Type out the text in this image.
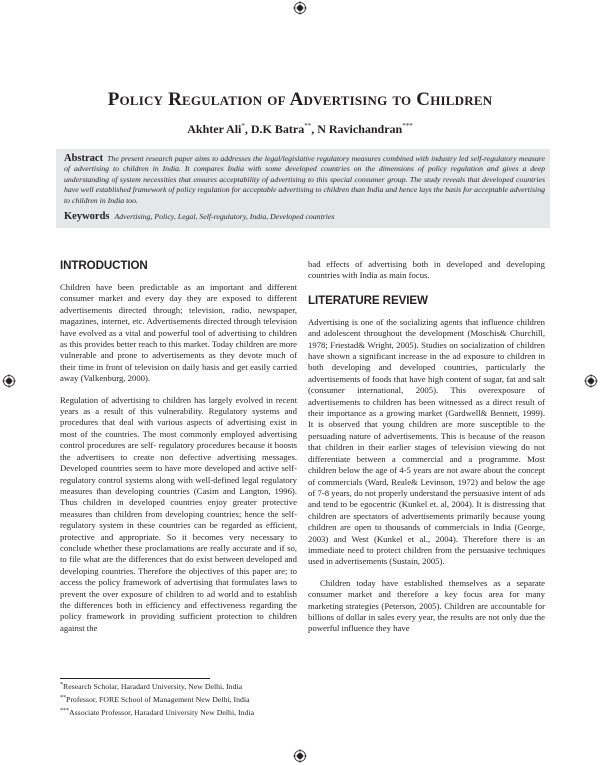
Policy Regulation of Advertising to Children

Akhter Ali*, D.K Batra**, N Ravichandran***

Abstract The present research paper aims to addresses the legal/legislative regulatory measures combined with industry led self-regulatory measure of advertising to children in India. It compares India with some developed countries on the dimensions of policy regulation and gives a deep understanding of system necessities that ensures acceptability of advertising to this special consumer group. The study reveals that developed countries have well established framework of policy regulation for acceptable advertising to children than India and hence lays the basis for acceptable advertising to children in India too.

Keywords Advertising, Policy, Legal, Self-regulatory, India, Developed countries

INTRODUCTION

Children have been predictable as an important and different consumer market and every day they are exposed to different advertisements directed through; television, radio, newspaper, magazines, internet, etc. Advertisements directed through television have evolved as a vital and powerful tool of advertising to children as this provides better reach to this market. Today children are more vulnerable and prone to advertisements as they devote much of their time in front of television on daily basis and get easily carried away (Valkenburg, 2000).

Regulation of advertising to children has largely evolved in recent years as a result of this vulnerability. Regulatory systems and procedures that deal with various aspects of advertising exist in most of the countries. The most commonly employed advertising control procedures are self- regulatory procedures because it boosts the advertisers to create non defective advertising messages. Developed countries seem to have more developed and active self-regulatory control systems along with well-defined legal regulatory measures than developing countries (Casim and Langton, 1996). Thus children in developed countries enjoy greater protective measures than children from developing countries; hence the self- regulatory system in these countries can be regarded as efficient, protective and appropriate. So it becomes very necessary to conclude whether these proclamations are really accurate and if so, to file what are the differences that do exist between developed and developing countries. Therefore the objectives of this paper are; to access the policy framework of advertising that formulates laws to prevent the over exposure of children to ad world and to establish the differences both in efficiency and effectiveness regarding the policy framework in providing sufficient protection to children against the

bad effects of advertising both in developed and developing countries with India as main focus.

LITERATURE REVIEW

Advertising is one of the socializing agents that influence children and adolescent throughout the development (Moschis& Churchill, 1978; Friestad& Wright, 2005). Studies on socialization of children have shown a significant increase in the ad exposure to children in both developing and developed countries, particularly the advertisements of foods that have high content of sugar, fat and salt (consumer international, 2005). This overexposure of advertisements to children has been witnessed as a direct result of their importance as a growing market (Gardwell& Bennett, 1999). It is observed that young children are more susceptible to the persuading nature of advertisements. This is because of the reason that children in their earlier stages of television viewing do not differentiate between a commercial and a programme. Most children below the age of 4-5 years are not aware about the concept of commercials (Ward, Reale& Levinson, 1972) and below the age of 7-8 years, do not properly understand the persuasive intent of ads and tend to be egocentric (Kunkel et. al, 2004). It is distressing that children are spectators of advertisements primarily because young children are open to thousands of commercials in India (George, 2003) and West (Kunkel et al., 2004). Therefore there is an immediate need to protect children from the persuasive techniques used in advertisements (Sustain, 2005).

Children today have established themselves as a separate consumer market and therefore a key focus area for many marketing strategies (Peterson, 2005). Children are accountable for billions of dollar in sales every year, the results are not only due the powerful influence they have

*Research Scholar, Haradard University, New Delhi, India
**Professor, FORE School of Management New Delhi, India
***Associate Professor, Haradard University New Delhi, India
